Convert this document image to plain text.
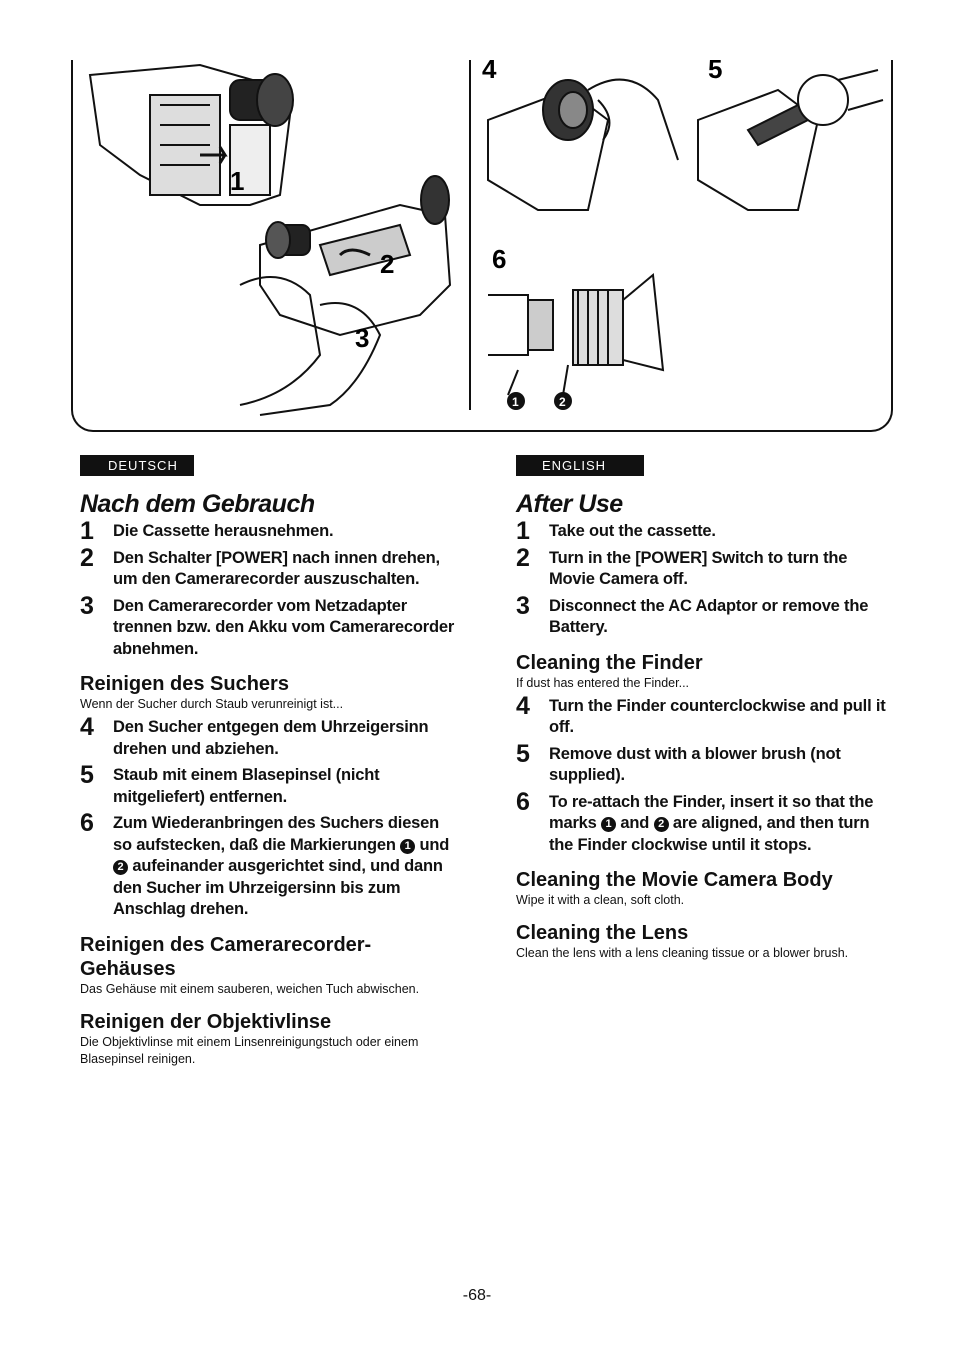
1
2
3
4	5
6
1	2
DEUTSCH
Nach dem Gebrauch
1	Die Cassette herausnehmen.
2	Den Schalter [POWER] nach innen drehen, um den Camerarecorder auszuschalten.
3	Den Camerarecorder vom Netzadapter trennen bzw. den Akku vom Camerarecorder abnehmen.
Reinigen des Suchers
Wenn der Sucher durch Staub verunreinigt ist...
4	Den Sucher entgegen dem Uhrzeigersinn drehen und abziehen.
5	Staub mit einem Blasepinsel (nicht mitgeliefert) entfernen.
6	Zum Wiederanbringen des Suchers diesen so aufstecken, daß die Markierungen 1 und 2 aufeinander ausgerichtet sind, und dann den Sucher im Uhrzeigersinn bis zum Anschlag drehen.
Reinigen des Camerarecorder-Gehäuses
Das Gehäuse mit einem sauberen, weichen Tuch abwischen.
Reinigen der Objektivlinse
Die Objektivlinse mit einem Linsenreinigungstuch oder einem Blasepinsel reinigen.
ENGLISH
After Use
1	Take out the cassette.
2	Turn in the [POWER] Switch to turn the Movie Camera off.
3	Disconnect the AC Adaptor or remove the Battery.
Cleaning the Finder
If dust has entered the Finder...
4	Turn the Finder counterclockwise and pull it off.
5	Remove dust with a blower brush (not supplied).
6	To re-attach the Finder, insert it so that the marks 1 and 2 are aligned, and then turn the Finder clockwise until it stops.
Cleaning the Movie Camera Body
Wipe it with a clean, soft cloth.
Cleaning the Lens
Clean the lens with a lens cleaning tissue or a blower brush.
-68-
